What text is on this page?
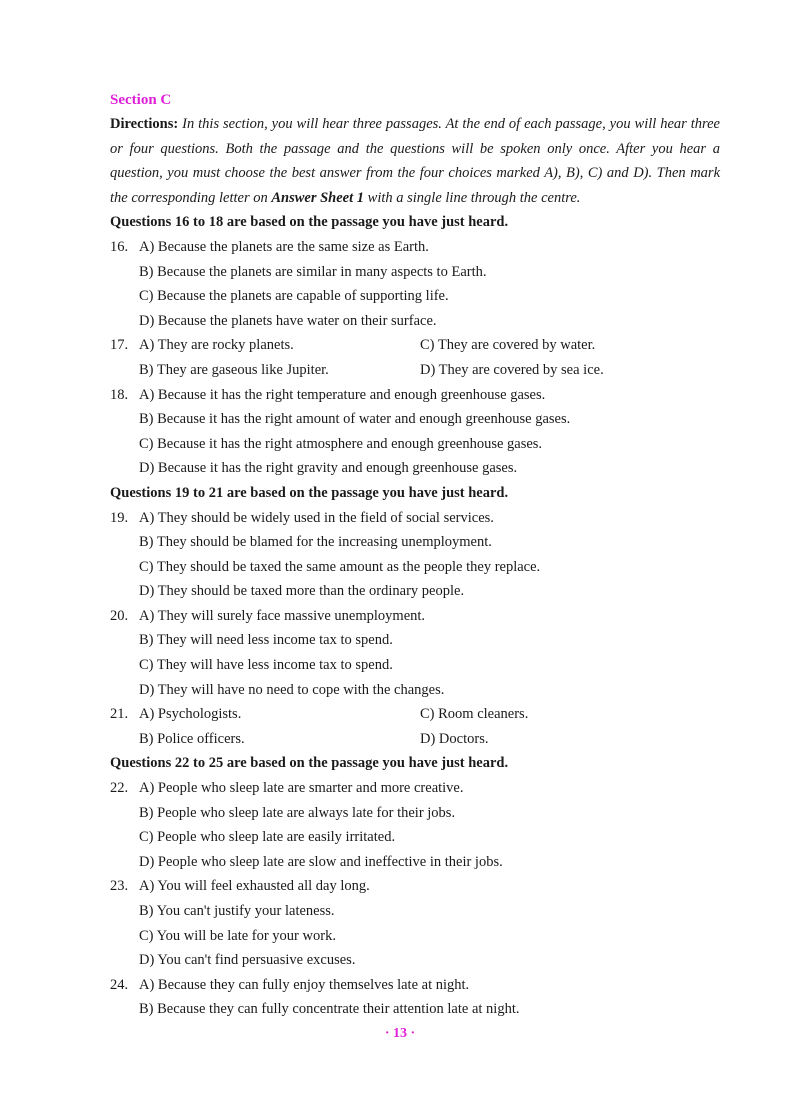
Section C

Directions: In this section, you will hear three passages. At the end of each passage, you will hear three or four questions. Both the passage and the questions will be spoken only once. After you hear a question, you must choose the best answer from the four choices marked A), B), C) and D). Then mark the corresponding letter on Answer Sheet 1 with a single line through the centre.

Questions 16 to 18 are based on the passage you have just heard.
16. A) Because the planets are the same size as Earth.
B) Because the planets are similar in many aspects to Earth.
C) Because the planets are capable of supporting life.
D) Because the planets have water on their surface.
17. A) They are rocky planets.	C) They are covered by water.
B) They are gaseous like Jupiter.	D) They are covered by sea ice.
18. A) Because it has the right temperature and enough greenhouse gases.
B) Because it has the right amount of water and enough greenhouse gases.
C) Because it has the right atmosphere and enough greenhouse gases.
D) Because it has the right gravity and enough greenhouse gases.
Questions 19 to 21 are based on the passage you have just heard.
19. A) They should be widely used in the field of social services.
B) They should be blamed for the increasing unemployment.
C) They should be taxed the same amount as the people they replace.
D) They should be taxed more than the ordinary people.
20. A) They will surely face massive unemployment.
B) They will need less income tax to spend.
C) They will have less income tax to spend.
D) They will have no need to cope with the changes.
21. A) Psychologists.	C) Room cleaners.
B) Police officers.	D) Doctors.
Questions 22 to 25 are based on the passage you have just heard.
22. A) People who sleep late are smarter and more creative.
B) People who sleep late are always late for their jobs.
C) People who sleep late are easily irritated.
D) People who sleep late are slow and ineffective in their jobs.
23. A) You will feel exhausted all day long.
B) You can't justify your lateness.
C) You will be late for your work.
D) You can't find persuasive excuses.
24. A) Because they can fully enjoy themselves late at night.
B) Because they can fully concentrate their attention late at night.
· 13 ·
